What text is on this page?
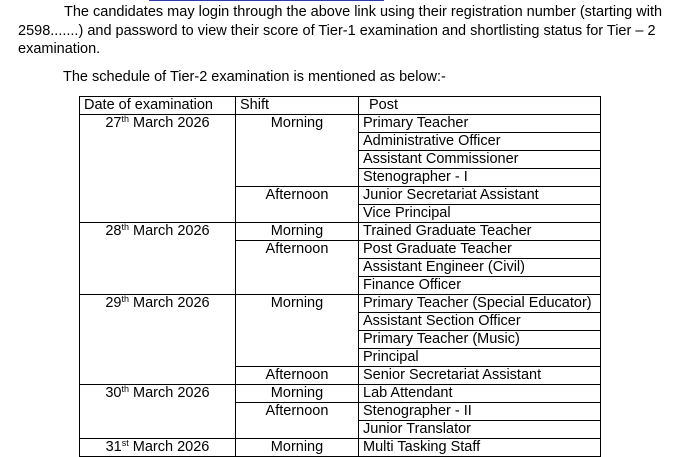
The candidates may login through the above link using their registration number (starting with 2598.......) and password to view their score of Tier-1 examination and shortlisting status for Tier – 2 examination.

The schedule of Tier-2 examination is mentioned as below:-

Date of examination	Shift	Post
27th March 2026	Morning	Primary Teacher
		Administrative Officer
		Assistant Commissioner
		Stenographer - I
	Afternoon	Junior Secretariat Assistant
		Vice Principal
28th March 2026	Morning	Trained Graduate Teacher
	Afternoon	Post Graduate Teacher
		Assistant Engineer (Civil)
		Finance Officer
29th March 2026	Morning	Primary Teacher (Special Educator)
		Assistant Section Officer
		Primary Teacher (Music)
		Principal
	Afternoon	Senior Secretariat Assistant
30th March 2026	Morning	Lab Attendant
	Afternoon	Stenographer - II
		Junior Translator
31st March 2026	Morning	Multi Tasking Staff
